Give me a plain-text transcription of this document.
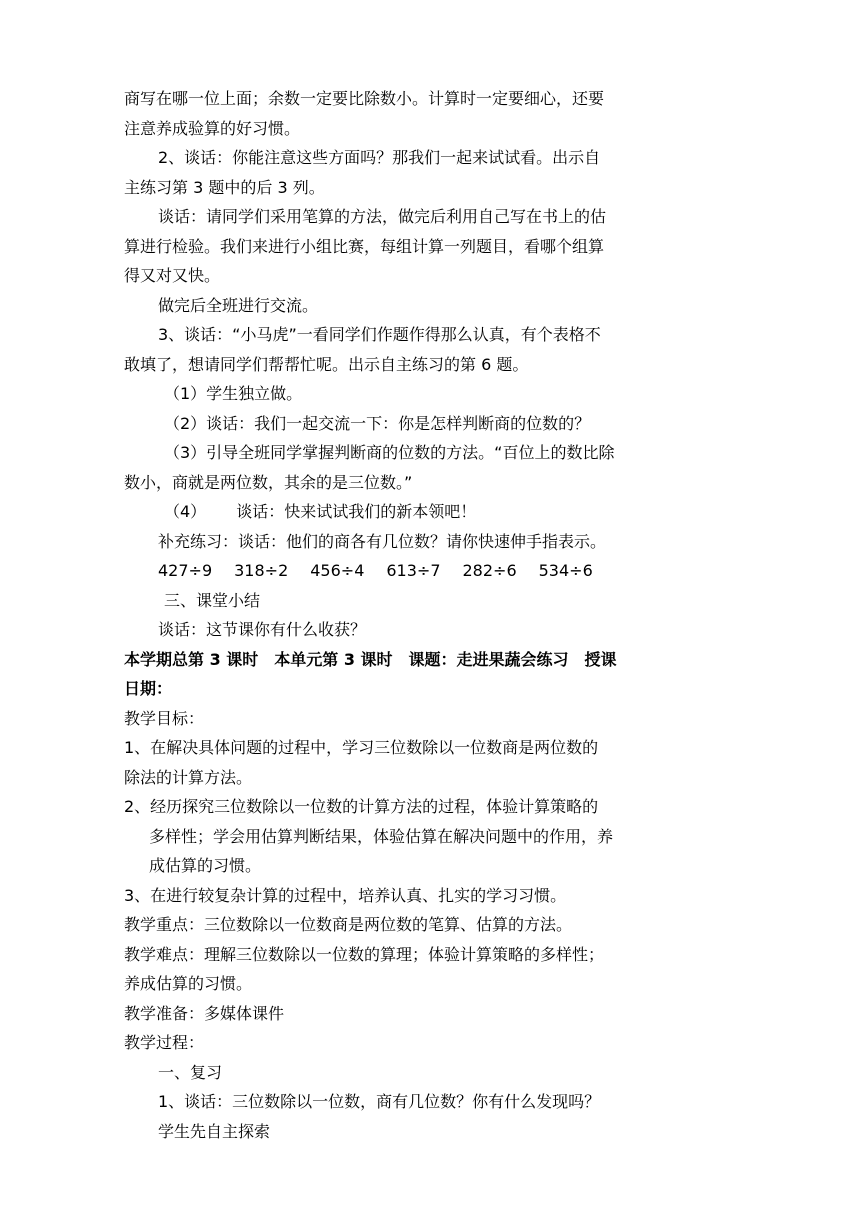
商写在哪一位上面；余数一定要比除数小。计算时一定要细心，还要
注意养成验算的好习惯。
2、谈话：你能注意这些方面吗？那我们一起来试试看。出示自
主练习第 3 题中的后 3 列。
谈话：请同学们采用笔算的方法，做完后利用自己写在书上的估
算进行检验。我们来进行小组比赛，每组计算一列题目，看哪个组算
得又对又快。
做完后全班进行交流。
3、谈话：“小马虎”一看同学们作题作得那么认真，有个表格不
敢填了，想请同学们帮帮忙呢。出示自主练习的第 6 题。
（1）学生独立做。
（2）谈话：我们一起交流一下：你是怎样判断商的位数的？
（3）引导全班同学掌握判断商的位数的方法。“百位上的数比除
数小，商就是两位数，其余的是三位数。”
（4） 谈话：快来试试我们的新本领吧！
补充练习：谈话：他们的商各有几位数？请你快速伸手指表示。
427÷9 318÷2 456÷4 613÷7 282÷6 534÷6
三、课堂小结
谈话：这节课你有什么收获？
本学期总第 3 课时　本单元第 3 课时　课题：走进果蔬会练习　授课
日期：
教学目标：
1、在解决具体问题的过程中，学习三位数除以一位数商是两位数的
除法的计算方法。
2、经历探究三位数除以一位数的计算方法的过程，体验计算策略的
多样性；学会用估算判断结果，体验估算在解决问题中的作用，养
成估算的习惯。
3、在进行较复杂计算的过程中，培养认真、扎实的学习习惯。
教学重点：三位数除以一位数商是两位数的笔算、估算的方法。
教学难点：理解三位数除以一位数的算理；体验计算策略的多样性；
养成估算的习惯。
教学准备：多媒体课件
教学过程：
一、复习
1、谈话：三位数除以一位数，商有几位数？你有什么发现吗？
学生先自主探索
